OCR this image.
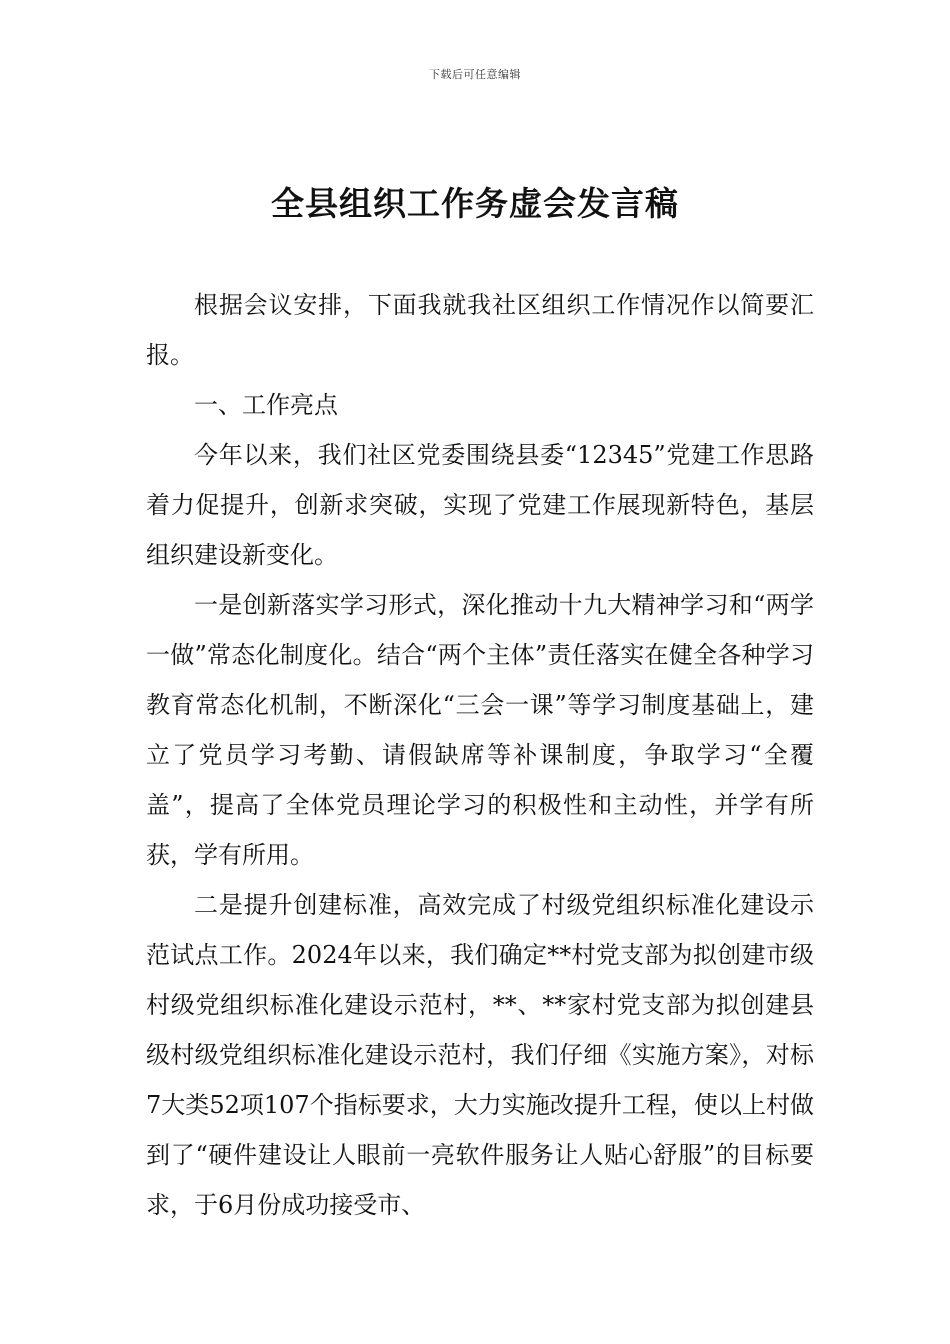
下载后可任意编辑
全县组织工作务虚会发言稿

根据会议安排，下面我就我社区组织工作情况作以简要汇报。

一、工作亮点

今年以来，我们社区党委围绕县委“12345”党建工作思路着力促提升，创新求突破，实现了党建工作展现新特色，基层组织建设新变化。

一是创新落实学习形式，深化推动十九大精神学习和“两学一做”常态化制度化。结合“两个主体”责任落实在健全各种学习教育常态化机制，不断深化“三会一课”等学习制度基础上，建立了党员学习考勤、请假缺席等补课制度，争取学习“全覆盖”，提高了全体党员理论学习的积极性和主动性，并学有所获，学有所用。

二是提升创建标准，高效完成了村级党组织标准化建设示范试点工作。2024年以来，我们确定**村党支部为拟创建市级村级党组织标准化建设示范村，**、**家村党支部为拟创建县级村级党组织标准化建设示范村，我们仔细《实施方案》，对标7大类52项107个指标要求，大力实施改提升工程，使以上村做到了“硬件建设让人眼前一亮软件服务让人贴心舒服”的目标要求，于6月份成功接受市、
